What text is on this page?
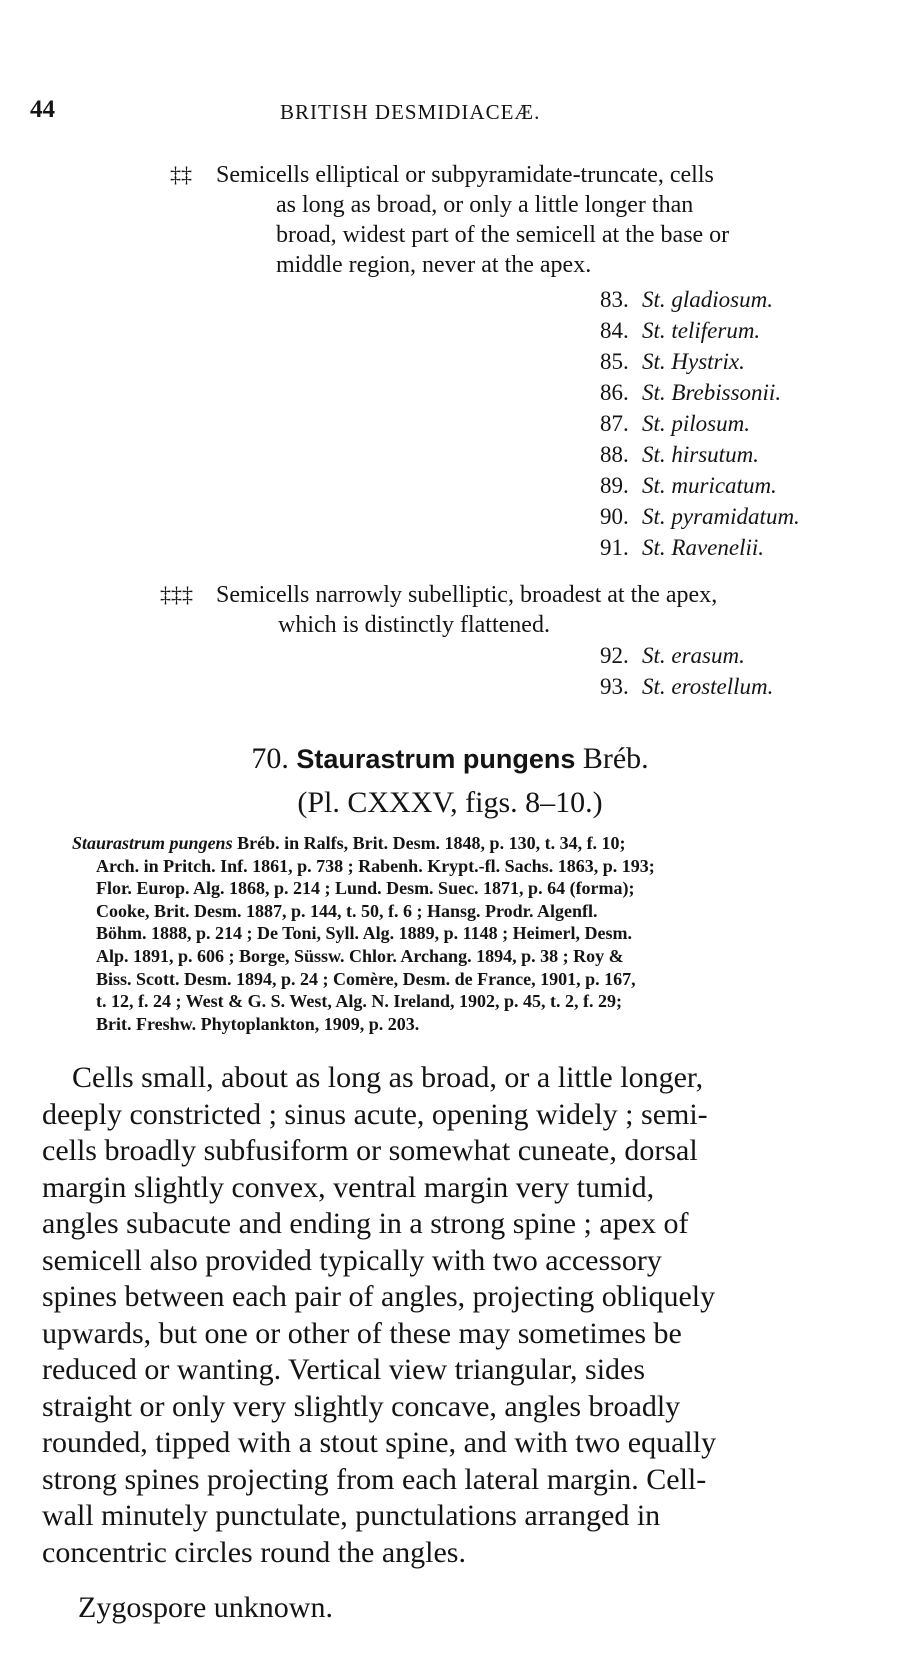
44	BRITISH DESMIDIACEÆ.
‡‡ Semicells elliptical or subpyramidate-truncate, cells
as long as broad, or only a little longer than
broad, widest part of the semicell at the base or
middle region, never at the apex.
83. St. gladiosum.
84. St. teliferum.
85. St. Hystrix.
86. St. Brebissonii.
87. St. pilosum.
88. St. hirsutum.
89. St. muricatum.
90. St. pyramidatum.
91. St. Ravenelii.
‡‡‡ Semicells narrowly subelliptic, broadest at the apex,
which is distinctly flattened.
92. St. erasum.
93. St. erostellum.
70. Staurastrum pungens Bréb.
(Pl. CXXXV, figs. 8–10.)
Staurastrum pungens Bréb. in Ralfs, Brit. Desm. 1848, p. 130, t. 34, f. 10;
Arch. in Pritch. Inf. 1861, p. 738 ; Rabenh. Krypt.-fl. Sachs. 1863, p. 193;
Flor. Europ. Alg. 1868, p. 214 ; Lund. Desm. Suec. 1871, p. 64 (forma);
Cooke, Brit. Desm. 1887, p. 144, t. 50, f. 6 ; Hansg. Prodr. Algenfl.
Böhm. 1888, p. 214 ; De Toni, Syll. Alg. 1889, p. 1148 ; Heimerl, Desm.
Alp. 1891, p. 606 ; Borge, Süssw. Chlor. Archang. 1894, p. 38 ; Roy &
Biss. Scott. Desm. 1894, p. 24 ; Comère, Desm. de France, 1901, p. 167,
t. 12, f. 24 ; West & G. S. West, Alg. N. Ireland, 1902, p. 45, t. 2, f. 29;
Brit. Freshw. Phytoplankton, 1909, p. 203.
Cells small, about as long as broad, or a little longer,
deeply constricted ; sinus acute, opening widely ; semi-
cells broadly subfusiform or somewhat cuneate, dorsal
margin slightly convex, ventral margin very tumid,
angles subacute and ending in a strong spine ; apex of
semicell also provided typically with two accessory
spines between each pair of angles, projecting obliquely
upwards, but one or other of these may sometimes be
reduced or wanting. Vertical view triangular, sides
straight or only very slightly concave, angles broadly
rounded, tipped with a stout spine, and with two equally
strong spines projecting from each lateral margin. Cell-
wall minutely punctulate, punctulations arranged in
concentric circles round the angles.
Zygospore unknown.
